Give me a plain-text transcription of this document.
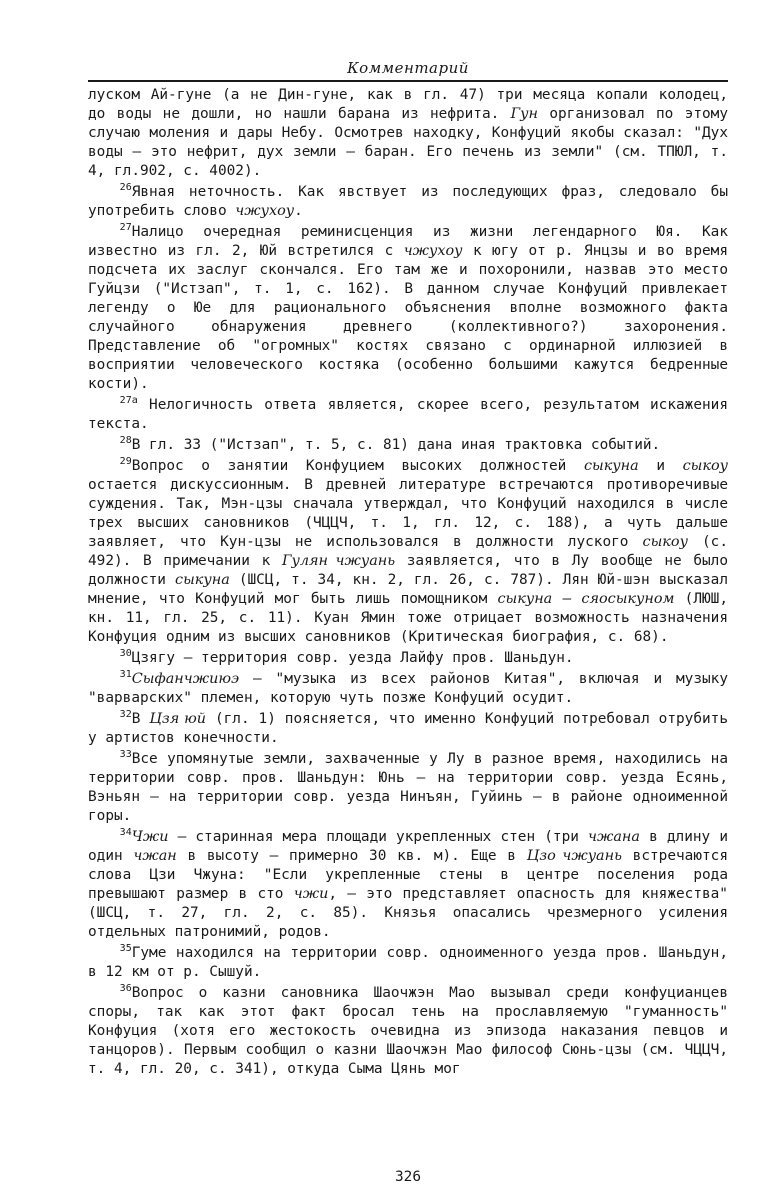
Комментарий

луском Ай-гуне (а не Дин-гуне, как в гл. 47) три месяца копали колодец, до воды не дошли, но нашли барана из нефрита. Гун организовал по этому случаю моления и дары Небу. Осмотрев находку, Конфуций якобы сказал: "Дух воды — это нефрит, дух земли — баран. Его печень из земли" (см. ТПЮЛ, т. 4, гл.902, с. 4002).

$^{26}$Явная неточность. Как явствует из последующих фраз, следовало бы употребить слово чжухоу.

$^{27}$Налицо очередная реминисценция из жизни легендарного Юя. Как известно из гл. 2, Юй встретился с чжухоу к югу от р. Янцзы и во время подсчета их заслуг скончался. Его там же и похоронили, назвав это место Гуйцзи ("Истзап", т. 1, с. 162). В данном случае Конфуций привлекает легенду о Юе для рационального объяснения вполне возможного факта случайного обнаружения древнего (коллективного?) захоронения. Представление об "огромных" костях связано с ординарной иллюзией в восприятии человеческого костяка (особенно большими кажутся бедренные кости).

$^{27а}$ Нелогичность ответа является, скорее всего, результатом искажения текста.

$^{28}$В гл. 33 ("Истзап", т. 5, с. 81) дана иная трактовка событий.

$^{29}$Вопрос о занятии Конфуцием высоких должностей сыкуна и сыкоу остается дискуссионным. В древней литературе встречаются противоречивые суждения. Так, Мэн-цзы сначала утверждал, что Конфуций находился в числе трех высших сановников (ЧЦЦЧ, т. 1, гл. 12, с. 188), а чуть дальше заявляет, что Кун-цзы не использовался в должности луского сыкоу (с. 492). В примечании к Гулян чжуань заявляется, что в Лу вообще не было должности сыкуна (ШСЦ, т. 34, кн. 2, гл. 26, с. 787). Лян Юй-шэн высказал мнение, что Конфуций мог быть лишь помощником сыкуна — сяосыкуном (ЛЮШ, кн. 11, гл. 25, с. 11). Куан Ямин тоже отрицает возможность назначения Конфуция одним из высших сановников (Критическая биография, с. 68).

$^{30}$Цзягу — территория совр. уезда Лайфу пров. Шаньдун.

$^{31}$Сыфанчжиюэ — "музыка из всех районов Китая", включая и музыку "варварских" племен, которую чуть позже Конфуций осудит.

$^{32}$В Цзя юй (гл. 1) поясняется, что именно Конфуций потребовал отрубить у артистов конечности.

$^{33}$Все упомянутые земли, захваченные у Лу в разное время, находились на территории совр. пров. Шаньдун: Юнь — на территории совр. уезда Есянь, Вэньян — на территории совр. уезда Нинъян, Гуйинь — в районе одноименной горы.

$^{34}$Чжи — старинная мера площади укрепленных стен (три чжана в длину и один чжан в высоту — примерно 30 кв. м). Еще в Цзо чжуань встречаются слова Цзи Чжуна: "Если укрепленные стены в центре поселения рода превышают размер в сто чжи, — это представляет опасность для княжества" (ШСЦ, т. 27, гл. 2, с. 85). Князья опасались чрезмерного усиления отдельных патронимий, родов.

$^{35}$Гуме находился на территории совр. одноименного уезда пров. Шаньдун, в 12 км от р. Сышуй.

$^{36}$Вопрос о казни сановника Шаочжэн Мао вызывал среди конфуцианцев споры, так как этот факт бросал тень на прославляемую "гуманность" Конфуция (хотя его жестокость очевидна из эпизода наказания певцов и танцоров). Первым сообщил о казни Шаочжэн Мао философ Сюнь-цзы (см. ЧЦЦЧ, т. 4, гл. 20, с. 341), откуда Сыма Цянь мог

326
